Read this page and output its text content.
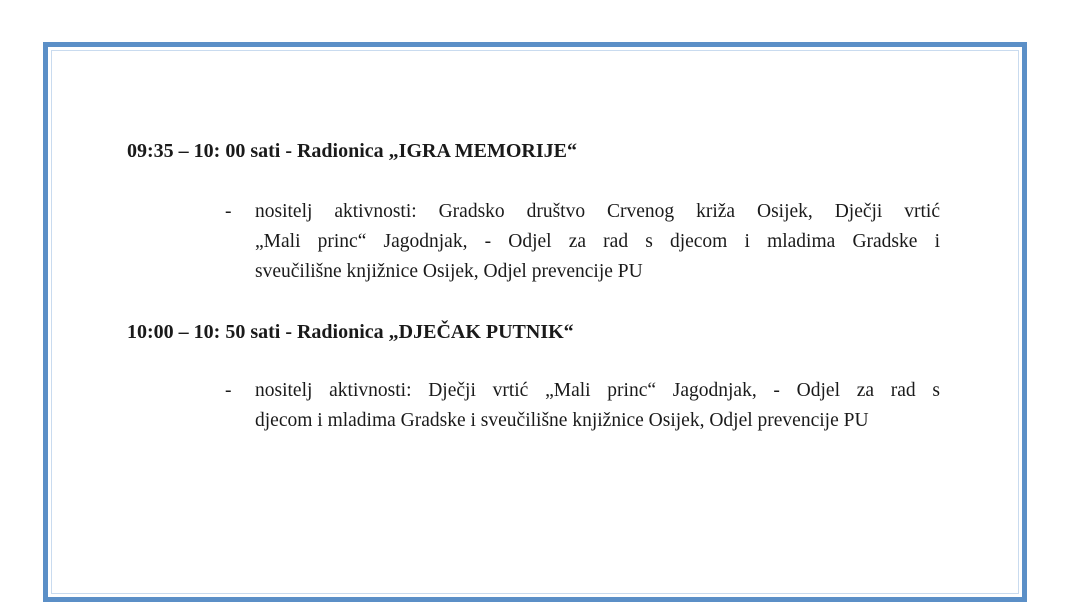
09:35 – 10: 00 sati - Radionica „IGRA MEMORIJE“
- nositelj aktivnosti: Gradsko društvo Crvenog križa Osijek, Dječji vrtić
„Mali princ“ Jagodnjak, - Odjel za rad s djecom i mladima Gradske i
sveučilišne knjižnice Osijek, Odjel prevencije PU
10:00 – 10: 50 sati - Radionica „DJEČAK PUTNIK“
- nositelj aktivnosti: Dječji vrtić „Mali princ“ Jagodnjak, - Odjel za rad s
djecom i mladima Gradske i sveučilišne knjižnice Osijek, Odjel prevencije PU
